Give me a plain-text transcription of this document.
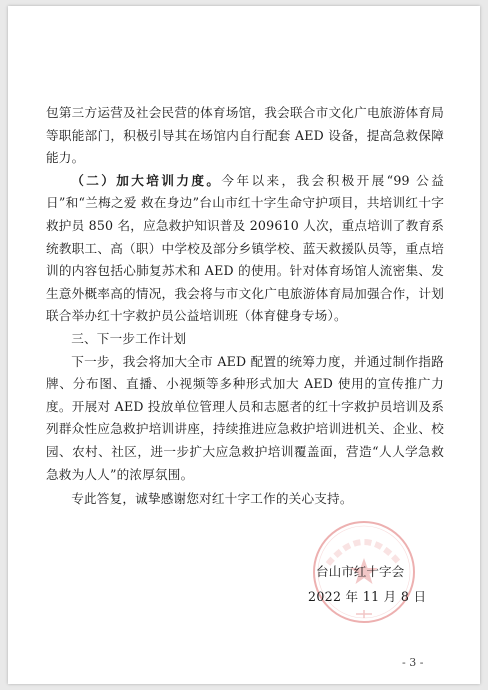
包第三方运营及社会民营的体育场馆，我会联合市文化广电旅游体育局等职能部门，积极引导其在场馆内自行配套 AED 设备，提高急救保障能力。

（二）加大培训力度。今年以来，我会积极开展“99 公益日”和“兰梅之爱 救在身边”台山市红十字生命守护项目，共培训红十字救护员 850 名，应急救护知识普及 209610 人次，重点培训了教育系统教职工、高（职）中学校及部分乡镇学校、蓝天救援队员等，重点培训的内容包括心肺复苏术和 AED 的使用。针对体育场馆人流密集、发生意外概率高的情况，我会将与市文化广电旅游体育局加强合作，计划联合举办红十字救护员公益培训班（体育健身专场）。

三、下一步工作计划

下一步，我会将加大全市 AED 配置的统筹力度，并通过制作指路牌、分布图、直播、小视频等多种形式加大 AED 使用的宣传推广力度。开展对 AED 投放单位管理人员和志愿者的红十字救护员培训及系列群众性应急救护培训讲座，持续推进应急救护培训进机关、企业、校园、农村、社区，进一步扩大应急救护培训覆盖面，营造“人人学急救　急救为人人”的浓厚氛围。

专此答复，诚挚感谢您对红十字工作的关心支持。

台山市红十字会
2022 年 11 月 8 日
- 3 -
